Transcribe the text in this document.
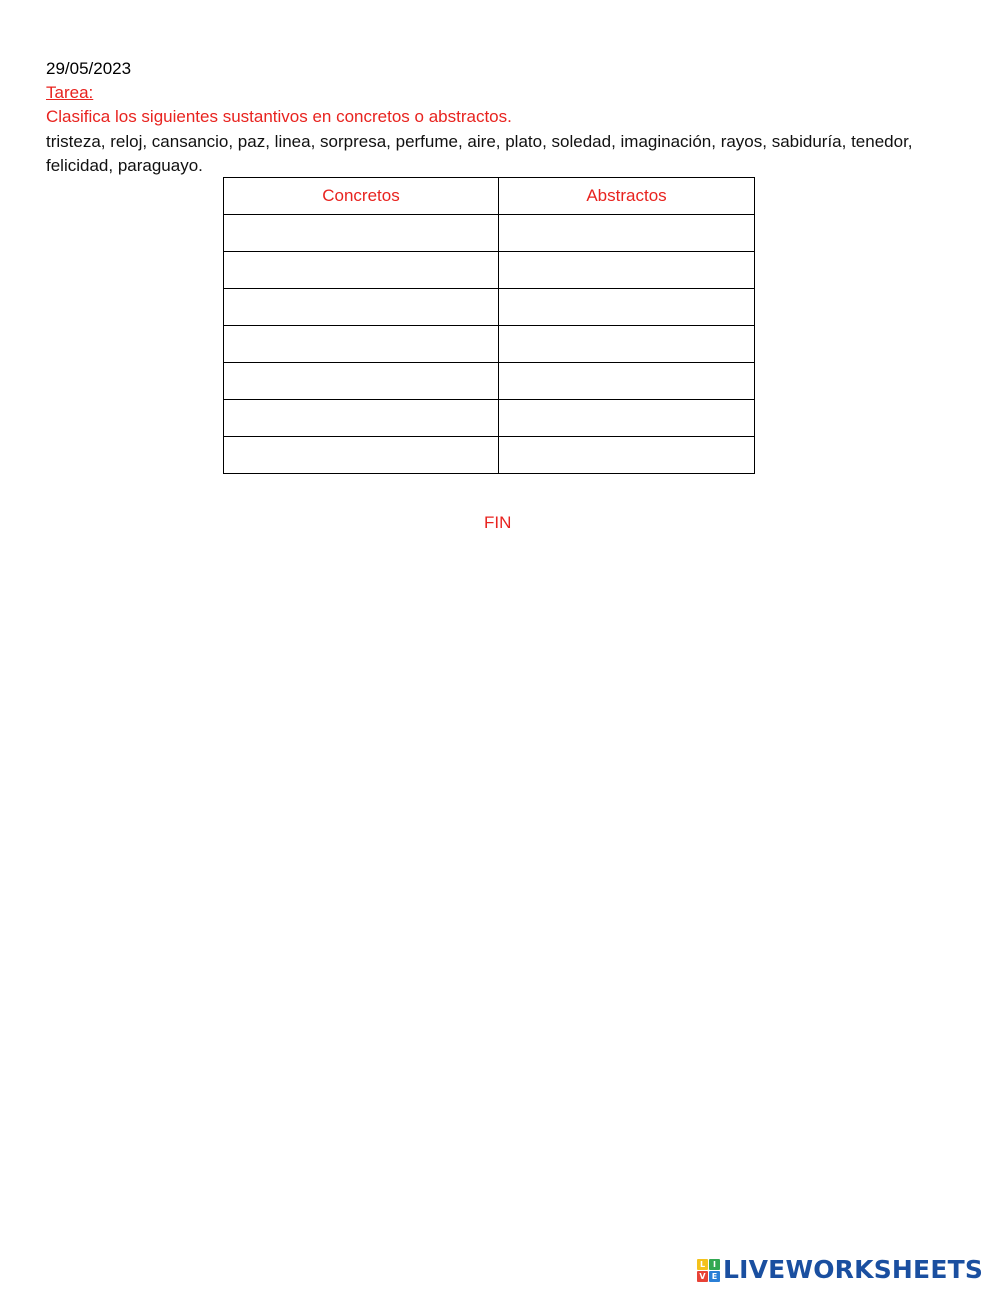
29/05/2023
Tarea:
Clasifica los siguientes sustantivos en concretos o abstractos.
tristeza, reloj, cansancio, paz, linea, sorpresa, perfume, aire, plato, soledad, imaginación, rayos, sabiduría, tenedor, felicidad, paraguayo.
Concretos	Abstractos

FIN
L I
V E LIVEWORKSHEETS
